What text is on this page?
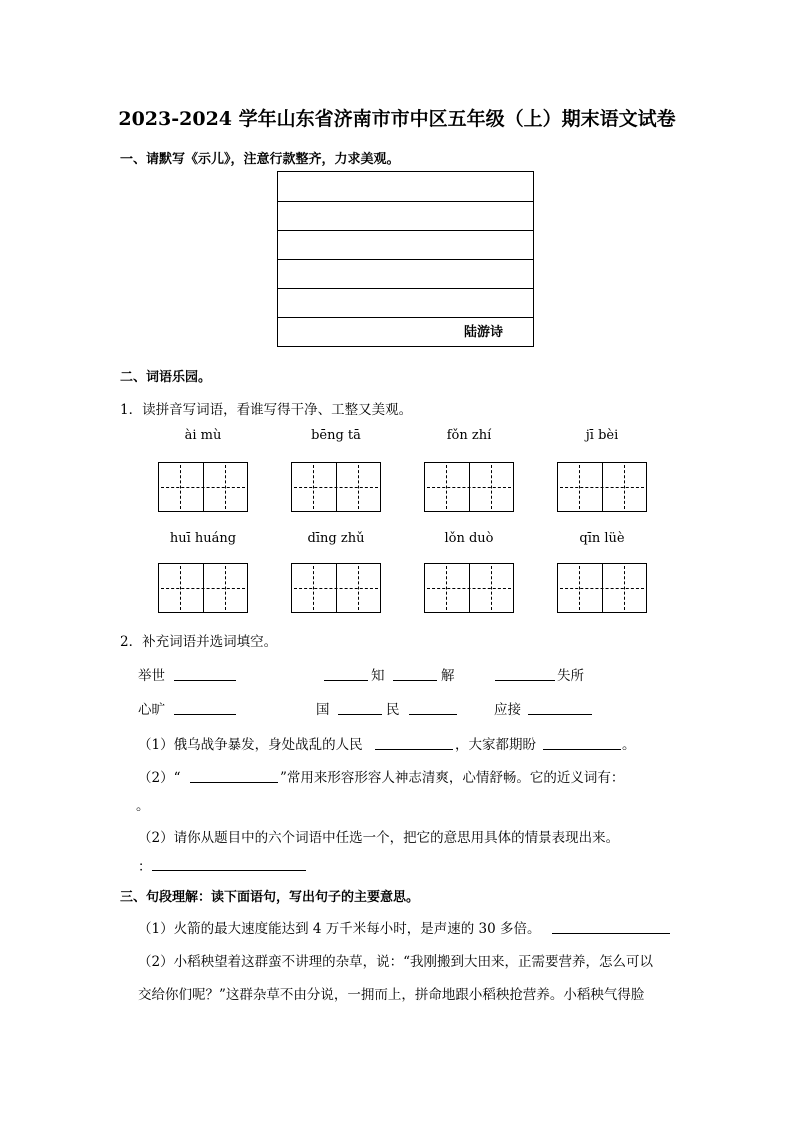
2023-2024 学年山东省济南市市中区五年级（上）期末语文试卷
一、请默写《示儿》，注意行款整齐，力求美观。
陆游诗
二、词语乐园。
1．读拼音写词语，看谁写得干净、工整又美观。
ài mù	bēng tā	fǒn zhí	jī bèi
huī huáng	dīng zhǔ	lǒn duò	qīn lüè
2．补充词语并选词填空。
举世	知	解	失所
心旷	国	民	应接
（1）俄乌战争暴发，身处战乱的人民	，大家都期盼	。
（2）“	”常用来形容形容人神志清爽，心情舒畅。它的近义词有：
。
（2）请你从题目中的六个词语中任选一个，把它的意思用具体的情景表现出来。
：
三、句段理解：读下面语句，写出句子的主要意思。
（1）火箭的最大速度能达到 4 万千米每小时，是声速的 30 多倍。
（2）小稻秧望着这群蛮不讲理的杂草，说：“我刚搬到大田来，正需要营养，怎么可以
交给你们呢？”这群杂草不由分说，一拥而上，拼命地跟小稻秧抢营养。小稻秧气得脸
